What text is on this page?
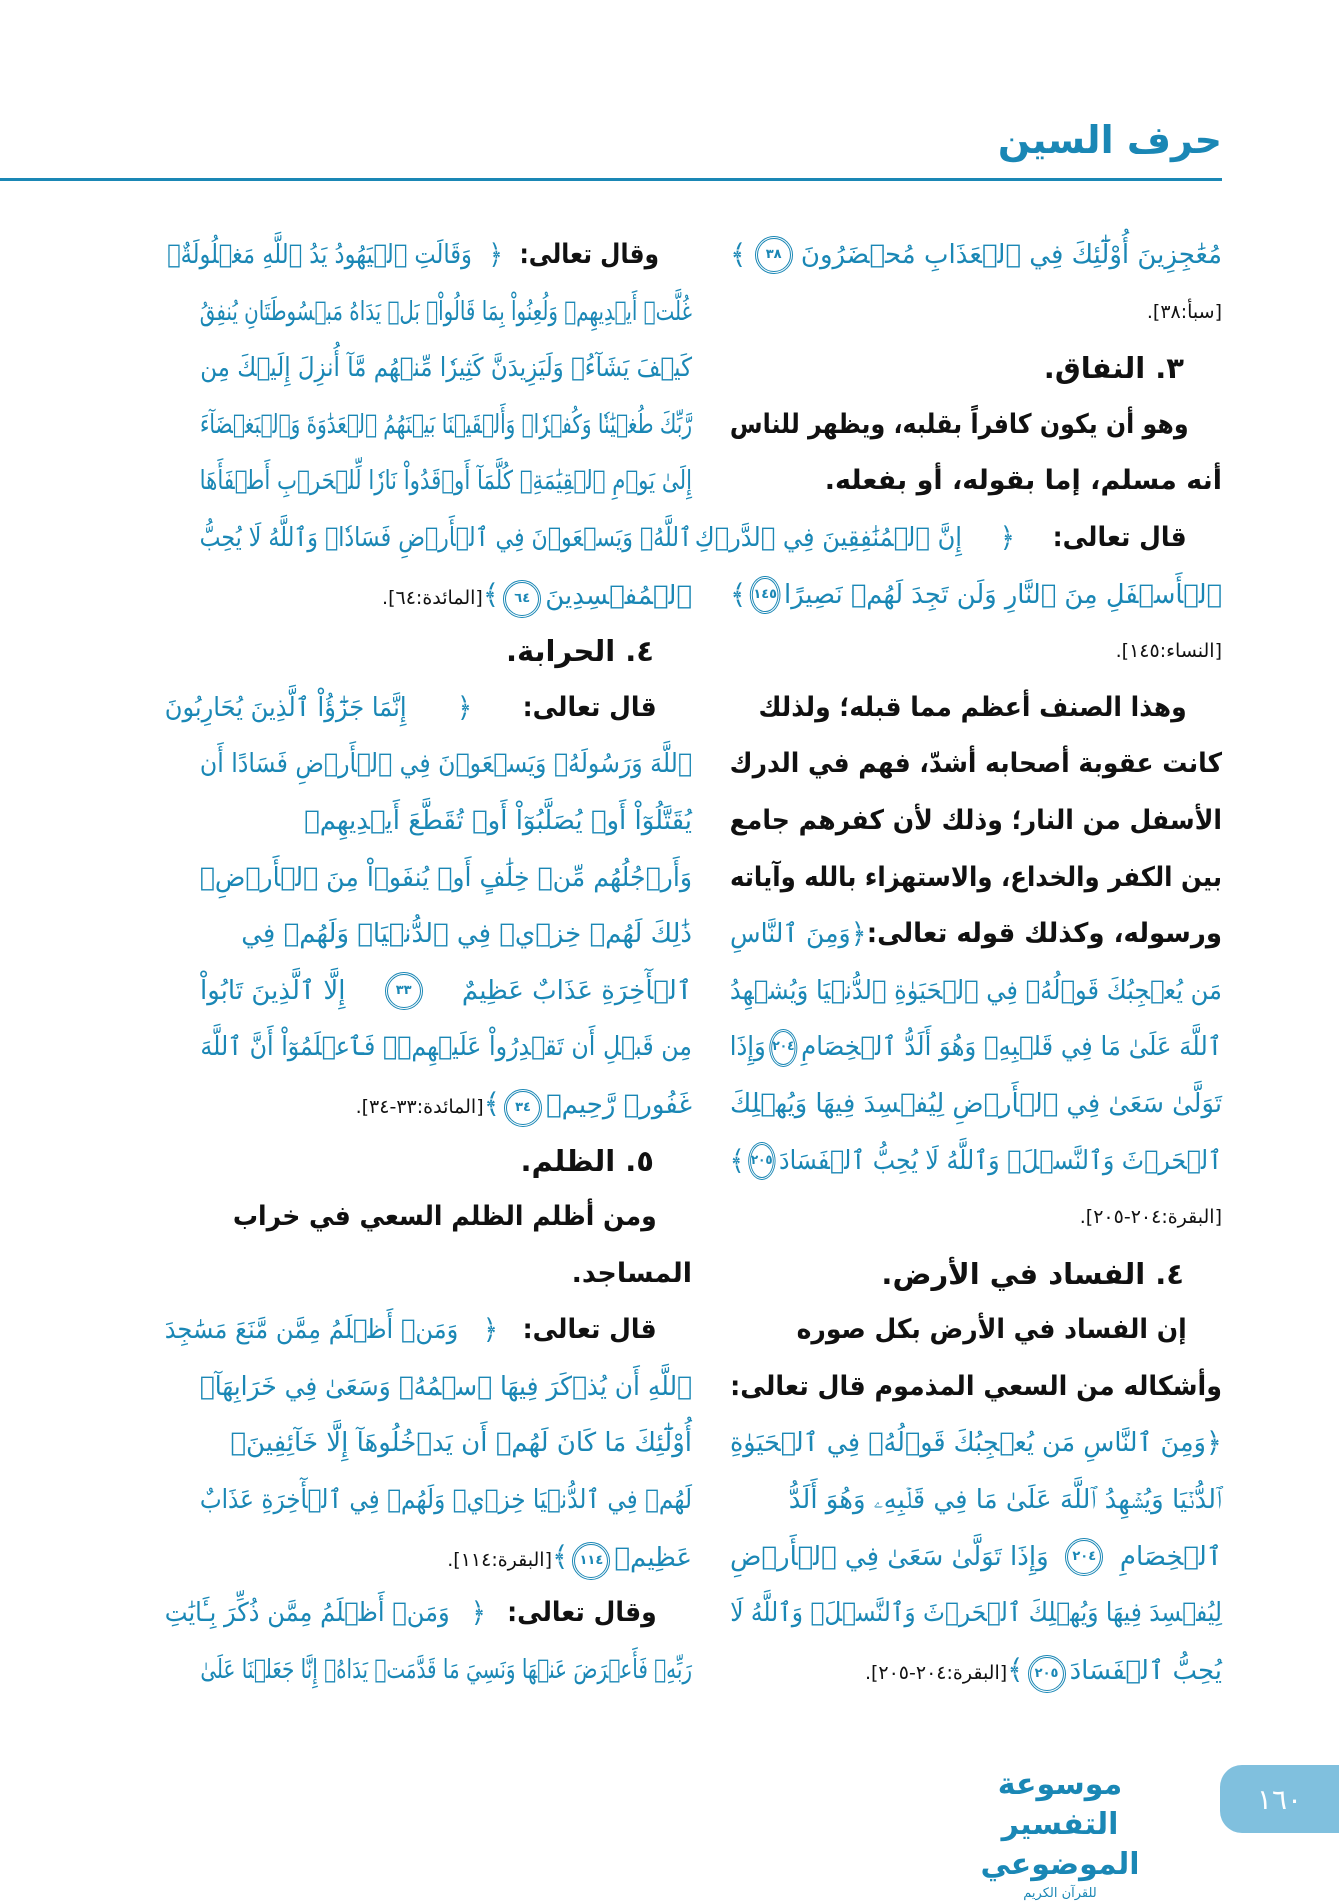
حرف السين
مُعَٰجِزِينَ أُوْلَٰٓئِكَ فِي ٱلۡعَذَابِ مُحۡضَرُونَ
٣٨
﴾
[سبأ:٣٨].
٣. النفاق.
وهو أن يكون كافراً بقلبه، ويظهر للناس
أنه مسلم، إما بقوله، أو بفعله.
قال تعالى:
﴿
إِنَّ ٱلۡمُنَٰفِقِينَ فِي ٱلدَّرۡكِ
ٱلۡأَسۡفَلِ مِنَ ٱلنَّارِ وَلَن تَجِدَ لَهُمۡ نَصِيرًا
١٤٥
﴾
[النساء:١٤٥].
وهذا الصنف أعظم مما قبله؛ ولذلك
كانت عقوبة أصحابه أشدّ، فهم في الدرك
الأسفل من النار؛ وذلك لأن كفرهم جامع
بين الكفر والخداع، والاستهزاء بالله وآياته
ورسوله، وكذلك قوله تعالى:
﴿
وَمِنَ ٱلنَّاسِ
مَن يُعۡجِبُكَ قَوۡلُهُۥ فِي ٱلۡحَيَوٰةِ ٱلدُّنۡيَا وَيُشۡهِدُ
ٱللَّهَ عَلَىٰ مَا فِي قَلۡبِهِۦ وَهُوَ أَلَدُّ ٱلۡخِصَامِ
٢٠٤
وَإِذَا
تَوَلَّىٰ سَعَىٰ فِي ٱلۡأَرۡضِ لِيُفۡسِدَ فِيهَا وَيُهۡلِكَ
ٱلۡحَرۡثَ وَٱلنَّسۡلَۚ وَٱللَّهُ لَا يُحِبُّ ٱلۡفَسَادَ
٢٠٥
﴾
[البقرة:٢٠٤-٢٠٥].
٤. الفساد في الأرض.
إن الفساد في الأرض بكل صوره
وأشكاله من السعي المذموم قال تعالى:
﴿
وَمِنَ ٱلنَّاسِ مَن يُعۡجِبُكَ قَوۡلُهُۥ فِي ٱلۡحَيَوٰةِ
ٱلدُّنۡيَا وَيُشۡهِدُ ٱللَّهَ عَلَىٰ مَا فِي قَلۡبِهِۦ وَهُوَ أَلَدُّ
ٱلۡخِصَامِ
٢٠٤
وَإِذَا تَوَلَّىٰ سَعَىٰ فِي ٱلۡأَرۡضِ
لِيُفۡسِدَ فِيهَا وَيُهۡلِكَ ٱلۡحَرۡثَ وَٱلنَّسۡلَۚ وَٱللَّهُ لَا
يُحِبُّ ٱلۡفَسَادَ٢٠٥﴾[البقرة:٢٠٤-٢٠٥].
وقال تعالى:
﴿
وَقَالَتِ ٱلۡيَهُودُ يَدُ ٱللَّهِ مَغۡلُولَةٌۚ
غُلَّتۡ أَيۡدِيهِمۡ وَلُعِنُواْ بِمَا قَالُواْۘ بَلۡ يَدَاهُ مَبۡسُوطَتَانِ يُنفِقُ
كَيۡفَ يَشَآءُۚ وَلَيَزِيدَنَّ كَثِيرٗا مِّنۡهُم مَّآ أُنزِلَ إِلَيۡكَ مِن
رَّبِّكَ طُغۡيَٰنٗا وَكُفۡرٗاۚ وَأَلۡقَيۡنَا بَيۡنَهُمُ ٱلۡعَدَٰوَةَ وَٱلۡبَغۡضَآءَ
إِلَىٰ يَوۡمِ ٱلۡقِيَٰمَةِۚ كُلَّمَآ أَوۡقَدُواْ نَارٗا لِّلۡحَرۡبِ أَطۡفَأَهَا
ٱللَّهُۚ وَيَسۡعَوۡنَ فِي ٱلۡأَرۡضِ فَسَادٗاۚ وَٱللَّهُ لَا يُحِبُّ
ٱلۡمُفۡسِدِينَ٦٤﴾[المائدة:٦٤].
٤. الحرابة.
قال تعالى:
﴿
إِنَّمَا جَزَٰٓؤُاْ ٱلَّذِينَ يُحَارِبُونَ
ٱللَّهَ وَرَسُولَهُۥ وَيَسۡعَوۡنَ فِي ٱلۡأَرۡضِ فَسَادًا أَن
يُقَتَّلُوٓاْ أَوۡ يُصَلَّبُوٓاْ أَوۡ تُقَطَّعَ أَيۡدِيهِمۡ
وَأَرۡجُلُهُم مِّنۡ خِلَٰفٍ أَوۡ يُنفَوۡاْ مِنَ ٱلۡأَرۡضِۚ
ذَٰلِكَ لَهُمۡ خِزۡيٞ فِي ٱلدُّنۡيَاۖ وَلَهُمۡ فِي
ٱلۡأٓخِرَةِ عَذَابٌ عَظِيمٌ
٣٣
إِلَّا ٱلَّذِينَ تَابُواْ
مِن قَبۡلِ أَن تَقۡدِرُواْ عَلَيۡهِمۡۖ فَٱعۡلَمُوٓاْ أَنَّ ٱللَّهَ
غَفُورٞ رَّحِيمٞ٣٤﴾[المائدة:٣٣-٣٤].
٥. الظلم.
ومن أظلم الظلم السعي في خراب
المساجد.
قال تعالى:
﴿
وَمَنۡ أَظۡلَمُ مِمَّن مَّنَعَ مَسَٰجِدَ
ٱللَّهِ أَن يُذۡكَرَ فِيهَا ٱسۡمُهُۥ وَسَعَىٰ فِي خَرَابِهَآۚ
أُوْلَٰٓئِكَ مَا كَانَ لَهُمۡ أَن يَدۡخُلُوهَآ إِلَّا خَآئِفِينَۚ
لَهُمۡ فِي ٱلدُّنۡيَا خِزۡيٞ وَلَهُمۡ فِي ٱلۡأٓخِرَةِ عَذَابٌ
عَظِيمٞ١١٤﴾[البقرة:١١٤].
وقال تعالى:
﴿
وَمَنۡ أَظۡلَمُ مِمَّن ذُكِّرَ بِـَٔايَٰتِ
رَبِّهِۦ فَأَعۡرَضَ عَنۡهَا وَنَسِيَ مَا قَدَّمَتۡ يَدَاهُۚ إِنَّا جَعَلۡنَا عَلَىٰ
موسوعة التفسير الموضوعي
للقرآن الكريم
١٦٠
